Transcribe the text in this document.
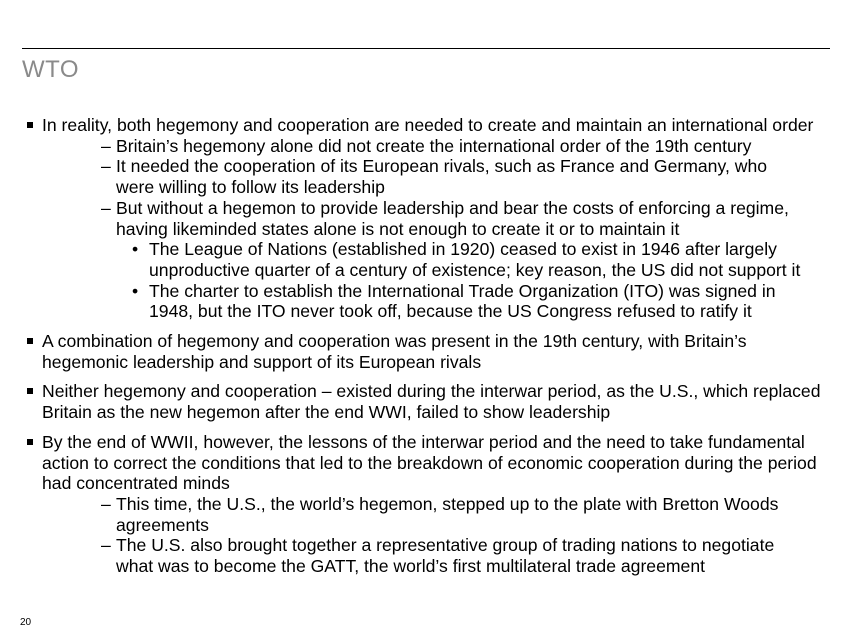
WTO
In reality, both hegemony and cooperation are needed to create and maintain an international order
– Britain’s hegemony alone did not create the international order of the 19th century
– It needed the cooperation of its European rivals, such as France and Germany, who were willing to follow its leadership
– But without a hegemon to provide leadership and bear the costs of enforcing a regime, having likeminded states alone is not enough to create it or to maintain it
• The League of Nations (established in 1920) ceased to exist in 1946 after largely unproductive quarter of a century of existence; key reason, the US did not support it
• The charter to establish the International Trade Organization (ITO) was signed in 1948, but the ITO never took off, because the US Congress refused to ratify it
A combination of hegemony and cooperation was present in the 19th century, with Britain’s hegemonic leadership and support of its European rivals
Neither hegemony and cooperation – existed during the interwar period, as the U.S., which replaced Britain as the new hegemon after the end WWI, failed to show leadership
By the end of WWII, however, the lessons of the interwar period and the need to take fundamental action to correct the conditions that led to the breakdown of economic cooperation during the period had concentrated minds
– This time, the U.S., the world’s hegemon, stepped up to the plate with Bretton Woods agreements
– The U.S. also brought together a representative group of trading nations to negotiate what was to become the GATT, the world’s first multilateral trade agreement
20
